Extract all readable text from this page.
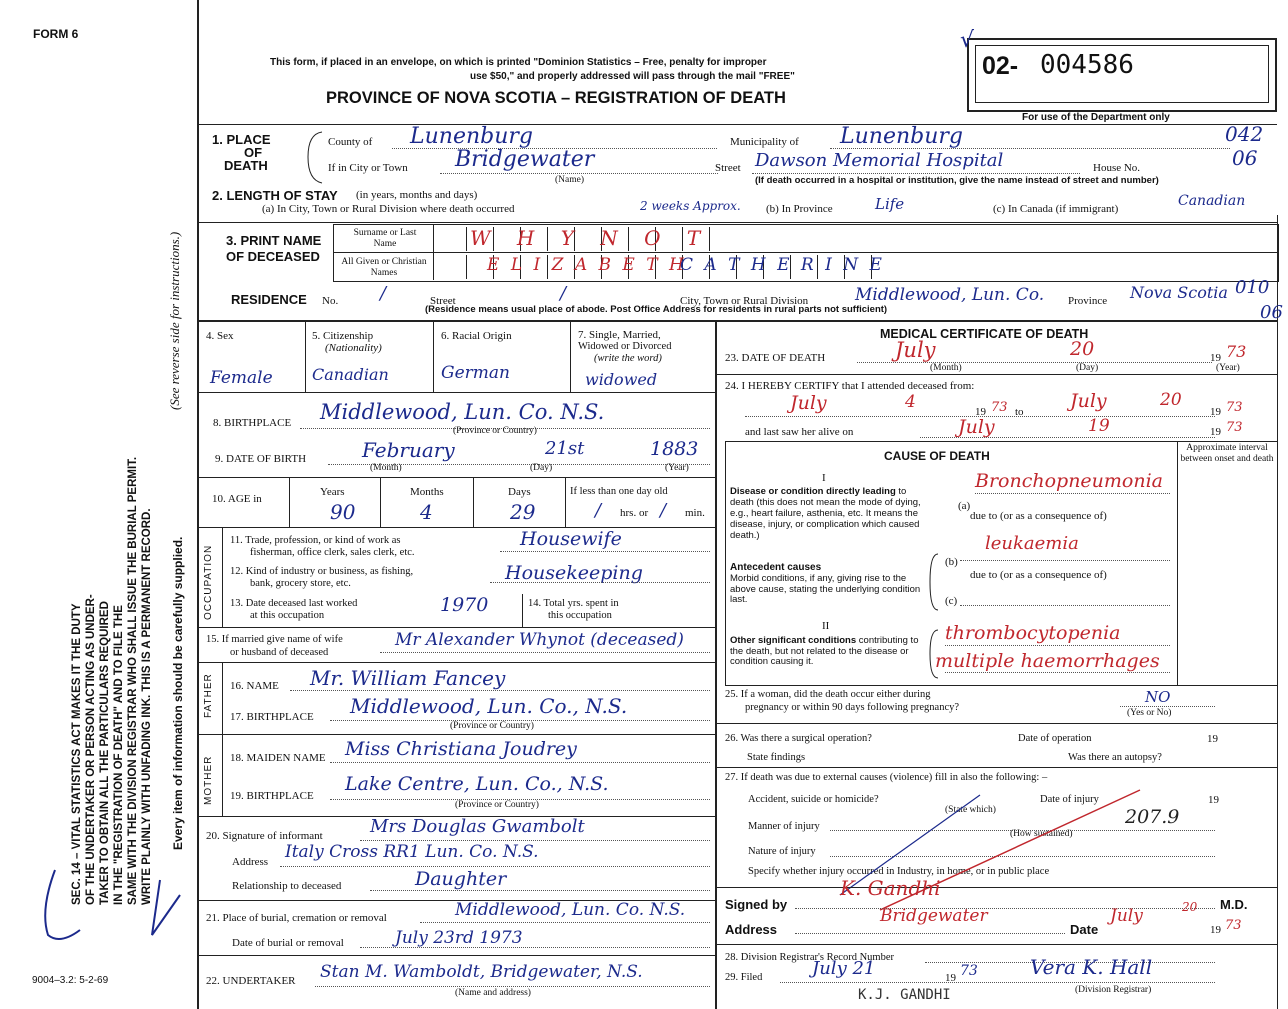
FORM 6
9004–3.2: 5-2-69
SEC. 14 – VITAL STATISTICS ACT MAKES IT THE DUTY OF THE UNDERTAKER OR PERSON ACTING AS UNDER- TAKER TO OBTAIN ALL THE PARTICULARS REQUIRED IN THE "REGISTRATION OF DEATH" AND TO FILE THE SAME WITH THE DIVISION REGISTRAR WHO SHALL ISSUE THE BURIAL PERMIT. WRITE PLAINLY WITH UNFADING INK. THIS IS A PERMANENT RECORD.
(See reverse side for instructions.)
Every item of information should be carefully supplied.
This form, if placed in an envelope, on which is printed "Dominion Statistics – Free, penalty for improper
use $50," and properly addressed will pass through the mail "FREE"
PROVINCE OF NOVA SCOTIA – REGISTRATION OF DEATH
02- 004586
For use of the Department only
√
1. PLACE
OF
DEATH
County of Lunenburg	Municipality of Lunenburg	042
If in City or Town Bridgewater
(Name)
Street Dawson Memorial Hospital	House No.	06
(If death occurred in a hospital or institution, give the name instead of street and number)
2. LENGTH OF STAY (in years, months and days)
(a) In City, Town or Rural Division where death occurred	2 weeks Approx. (b) In Province	Life	(c) In Canada (if immigrant)	Canadian
3. PRINT NAME
OF DECEASED
Surname or Last Name
All Given or Christian Names
W H Y N O T
E L I Z A B E T H
C A T H E R I N E
RESIDENCE No. /	Street	/	City, Town or Rural Division	Middlewood, Lun. Co. Province Nova Scotia 010
06
(Residence means usual place of abode. Post Office Address for residents in rural parts not sufficient)
4. Sex
Female
5. Citizenship
(Nationality)
Canadian
6. Racial Origin
German
7. Single, Married,
Widowed or Divorced
(write the word)
widowed
8. BIRTHPLACE Middlewood, Lun. Co. N.S.
(Province or Country)
9. DATE OF BIRTH	February	21st	1883
(Month)	(Day)	(Year)
10. AGE in
Years	Months	Days	If less than one day old
90	4	29	/ hrs. or / min.
OCCUPATION
11. Trade, profession, or kind of work as
fisherman, office clerk, sales clerk, etc.
Housewife
12. Kind of industry or business, as fishing,
bank, grocery store, etc.	Housekeeping
13. Date deceased last worked
at this occupation	1970	14. Total yrs. spent in
this occupation
15. If married give name of wife
or husband of deceased
Mr Alexander Whynot (deceased)
FATHER 16. NAME Mr. William Fancey
17. BIRTHPLACE Middlewood, Lun. Co., N.S.
(Province or Country)
MOTHER 18. MAIDEN NAME Miss Christiana Joudrey
19. BIRTHPLACE
Lake Centre, Lun. Co., N.S.
(Province or Country)
20. Signature of informant	Mrs Douglas Gwambolt
Address Italy Cross RR1 Lun. Co. N.S.
Relationship to deceased	Daughter
21. Place of burial, cremation or removal	Middlewood, Lun. Co. N.S.
Date of burial or removal	July 23rd 1973
22. UNDERTAKER Stan M. Wamboldt, Bridgewater, N.S.
(Name and address)
MEDICAL CERTIFICATE OF DEATH
23. DATE OF DEATH	July	20	19 73
(Month)	(Day)	(Year)
24. I HEREBY CERTIFY that I attended deceased from:
July	4	19 73 to July	20
19 73
and last saw her alive on	July	19	19 73
CAUSE OF DEATH
Approximate interval between onset and death
I
Disease or condition directly leading to death (this does not mean the mode of dying, e.g., heart failure, asthenia, etc. It means the disease, injury, or complication which caused death.)
(a)
Bronchopneumonia
due to (or as a consequence of)
Antecedent causes
Morbid conditions, if any, giving rise to the above cause, stating the underlying condition last.
(b)
leukaemia
due to (or as a consequence of)
(c)
II
Other significant conditions contributing to the death, but not related to the disease or condition causing it.
thrombocytopenia
multiple haemorrhages
25. If a woman, did the death occur either during
pregnancy or within 90 days following pregnancy?
NO
(Yes or No)
26. Was there a surgical operation?	Date of operation	19
State findings	Was there an autopsy?
27. If death was due to external causes (violence) fill in also the following: –
Accident, suicide or homicide?
(State which)
Date of injury	19
Manner of injury	207.9
(How sustained)
Nature of injury
Specify whether injury occurred in Industry, in home, or in public place
Signed by
K. Gandhi
M.D.
Address
Bridgewater
Date
July	20
19 73
28. Division Registrar's Record Number
29. Filed	July 21	19 73	Vera K. Hall
(Division Registrar)
K.J. GANDHI
